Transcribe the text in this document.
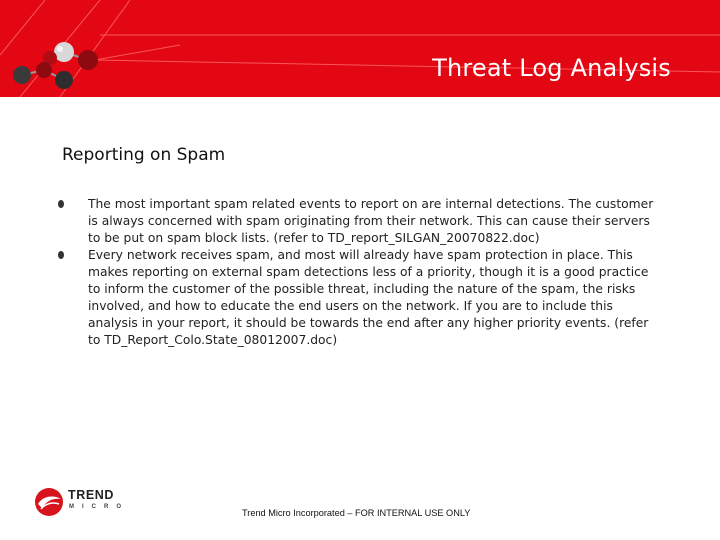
Threat Log Analysis
Reporting on Spam
The most important spam related events to report on are internal detections. The customer is always concerned with spam originating from their network. This can cause their servers to be put on spam block lists. (refer to TD_report_SILGAN_20070822.doc)
Every network receives spam, and most will already have spam protection in place. This makes reporting on external spam detections less of a priority, though it is a good practice to inform the customer of the possible threat, including the nature of the spam, the risks involved, and how to educate the end users on the network. If you are to include this analysis in your report, it should be towards the end after any higher priority events. (refer to TD_Report_Colo.State_08012007.doc)
TREND
MICRO
Trend Micro Incorporated – FOR INTERNAL USE ONLY
